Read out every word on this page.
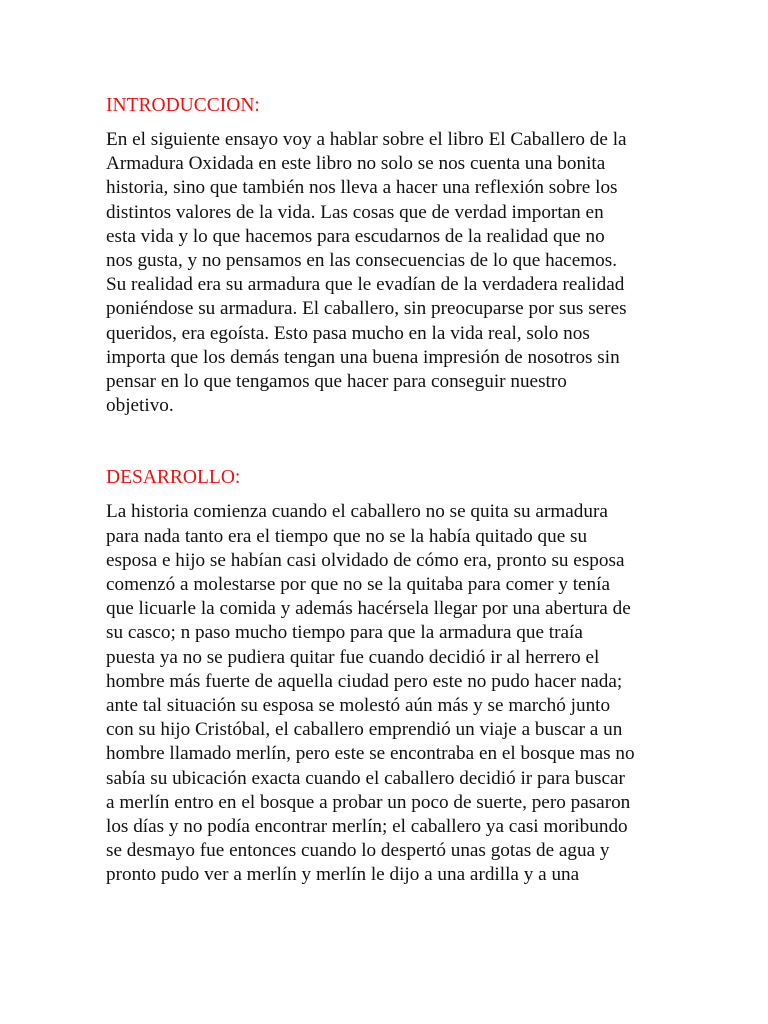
INTRODUCCION:

En el siguiente ensayo voy a hablar sobre el libro El Caballero de la
Armadura Oxidada en este libro no solo se nos cuenta una bonita
historia, sino que también nos lleva a hacer una reflexión sobre los
distintos valores de la vida. Las cosas que de verdad importan en
esta vida y lo que hacemos para escudarnos de la realidad que no
nos gusta, y no pensamos en las consecuencias de lo que hacemos.
Su realidad era su armadura que le evadían de la verdadera realidad
poniéndose su armadura. El caballero, sin preocuparse por sus seres
queridos, era egoísta. Esto pasa mucho en la vida real, solo nos
importa que los demás tengan una buena impresión de nosotros sin
pensar en lo que tengamos que hacer para conseguir nuestro
objetivo.

DESARROLLO:

La historia comienza cuando el caballero no se quita su armadura
para nada tanto era el tiempo que no se la había quitado que su
esposa e hijo se habían casi olvidado de cómo era, pronto su esposa
comenzó a molestarse por que no se la quitaba para comer y tenía
que licuarle la comida y además hacérsela llegar por una abertura de
su casco; n paso mucho tiempo para que la armadura que traía
puesta ya no se pudiera quitar fue cuando decidió ir al herrero el
hombre más fuerte de aquella ciudad pero este no pudo hacer nada;
ante tal situación su esposa se molestó aún más y se marchó junto
con su hijo Cristóbal, el caballero emprendió un viaje a buscar a un
hombre llamado merlín, pero este se encontraba en el bosque mas no
sabía su ubicación exacta cuando el caballero decidió ir para buscar
a merlín entro en el bosque a probar un poco de suerte, pero pasaron
los días y no podía encontrar merlín; el caballero ya casi moribundo
se desmayo fue entonces cuando lo despertó unas gotas de agua y
pronto pudo ver a merlín y merlín le dijo a una ardilla y a una
